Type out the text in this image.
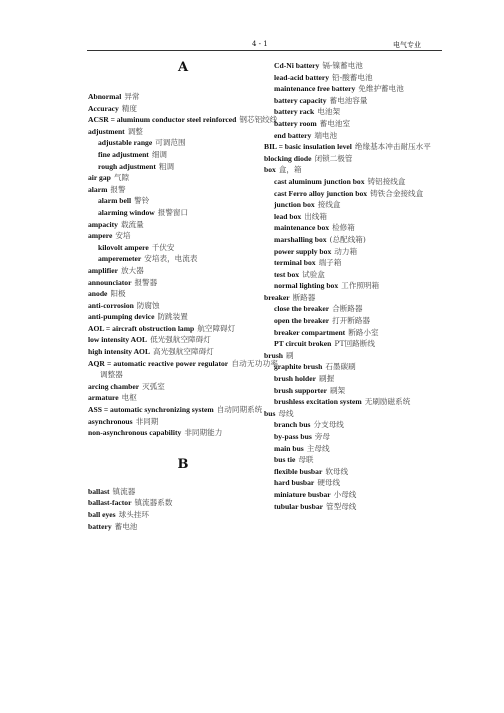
4 - 1	电气专业
A
Abnormal 异常
Accuracy 精度
ACSR = aluminum conductor steel reinforced 钢芯铝绞线
adjustment 调整
adjustable range 可调范围
fine adjustment 细调
rough adjustment 粗调
air gap 气隙
alarm 报警
alarm bell 警铃
alarming window 报警窗口
ampacity 载流量
ampere 安培
kilovolt ampere 千伏安
amperemeter 安培表，电流表
amplifier 放大器
announciator 报警器
anode 阳极
anti-corrosion 防腐蚀
anti-pumping device 防跳装置
AOL = aircraft obstruction lamp 航空障碍灯
low intensity AOL 低光强航空障碍灯
high intensity AOL 高光强航空障碍灯
AQR = automatic reactive power regulator 自动无功功率调整器
arcing chamber 灭弧室
armature 电枢
ASS = automatic synchronizing system 自动同期系统
asynchronous 非同期
non-asynchronous capability 非同期能力
B
ballast 镇流器
ballast-factor 镇流器系数
ball eyes 球头挂环
battery 蓄电池
Cd-Ni battery 镉-镍蓄电池
lead-acid battery 铅-酸蓄电池
maintenance free battery 免维护蓄电池
battery capacity 蓄电池容量
battery rack 电池架
battery room 蓄电池室
end battery 端电池
BIL = basic insulation level 绝缘基本冲击耐压水平
blocking diode 闭锁二极管
box 盒，箱
cast aluminum junction box 铸铝接线盒
cast Ferro alloy junction box 铸铁合金接线盒
junction box 接线盒
lead box 出线箱
maintenance box 检修箱
marshalling box (总配线箱)
power supply box 动力箱
terminal box 端子箱
test box 试验盒
normal lighting box 工作照明箱
breaker 断路器
close the breaker 合断路器
open the breaker 打开断路器
breaker compartment 断路小室
PT circuit broken PT回路断线
brush 刷
graphite brush 石墨碳刷
brush holder 刷握
brush supporter 刷架
brushless excitation system 无刷励磁系统
bus 母线
branch bus 分支母线
by-pass bus 旁母
main bus 主母线
bus tie 母联
flexible busbar 软母线
hard busbar 硬母线
miniature busbar 小母线
tubular busbar 管型母线
